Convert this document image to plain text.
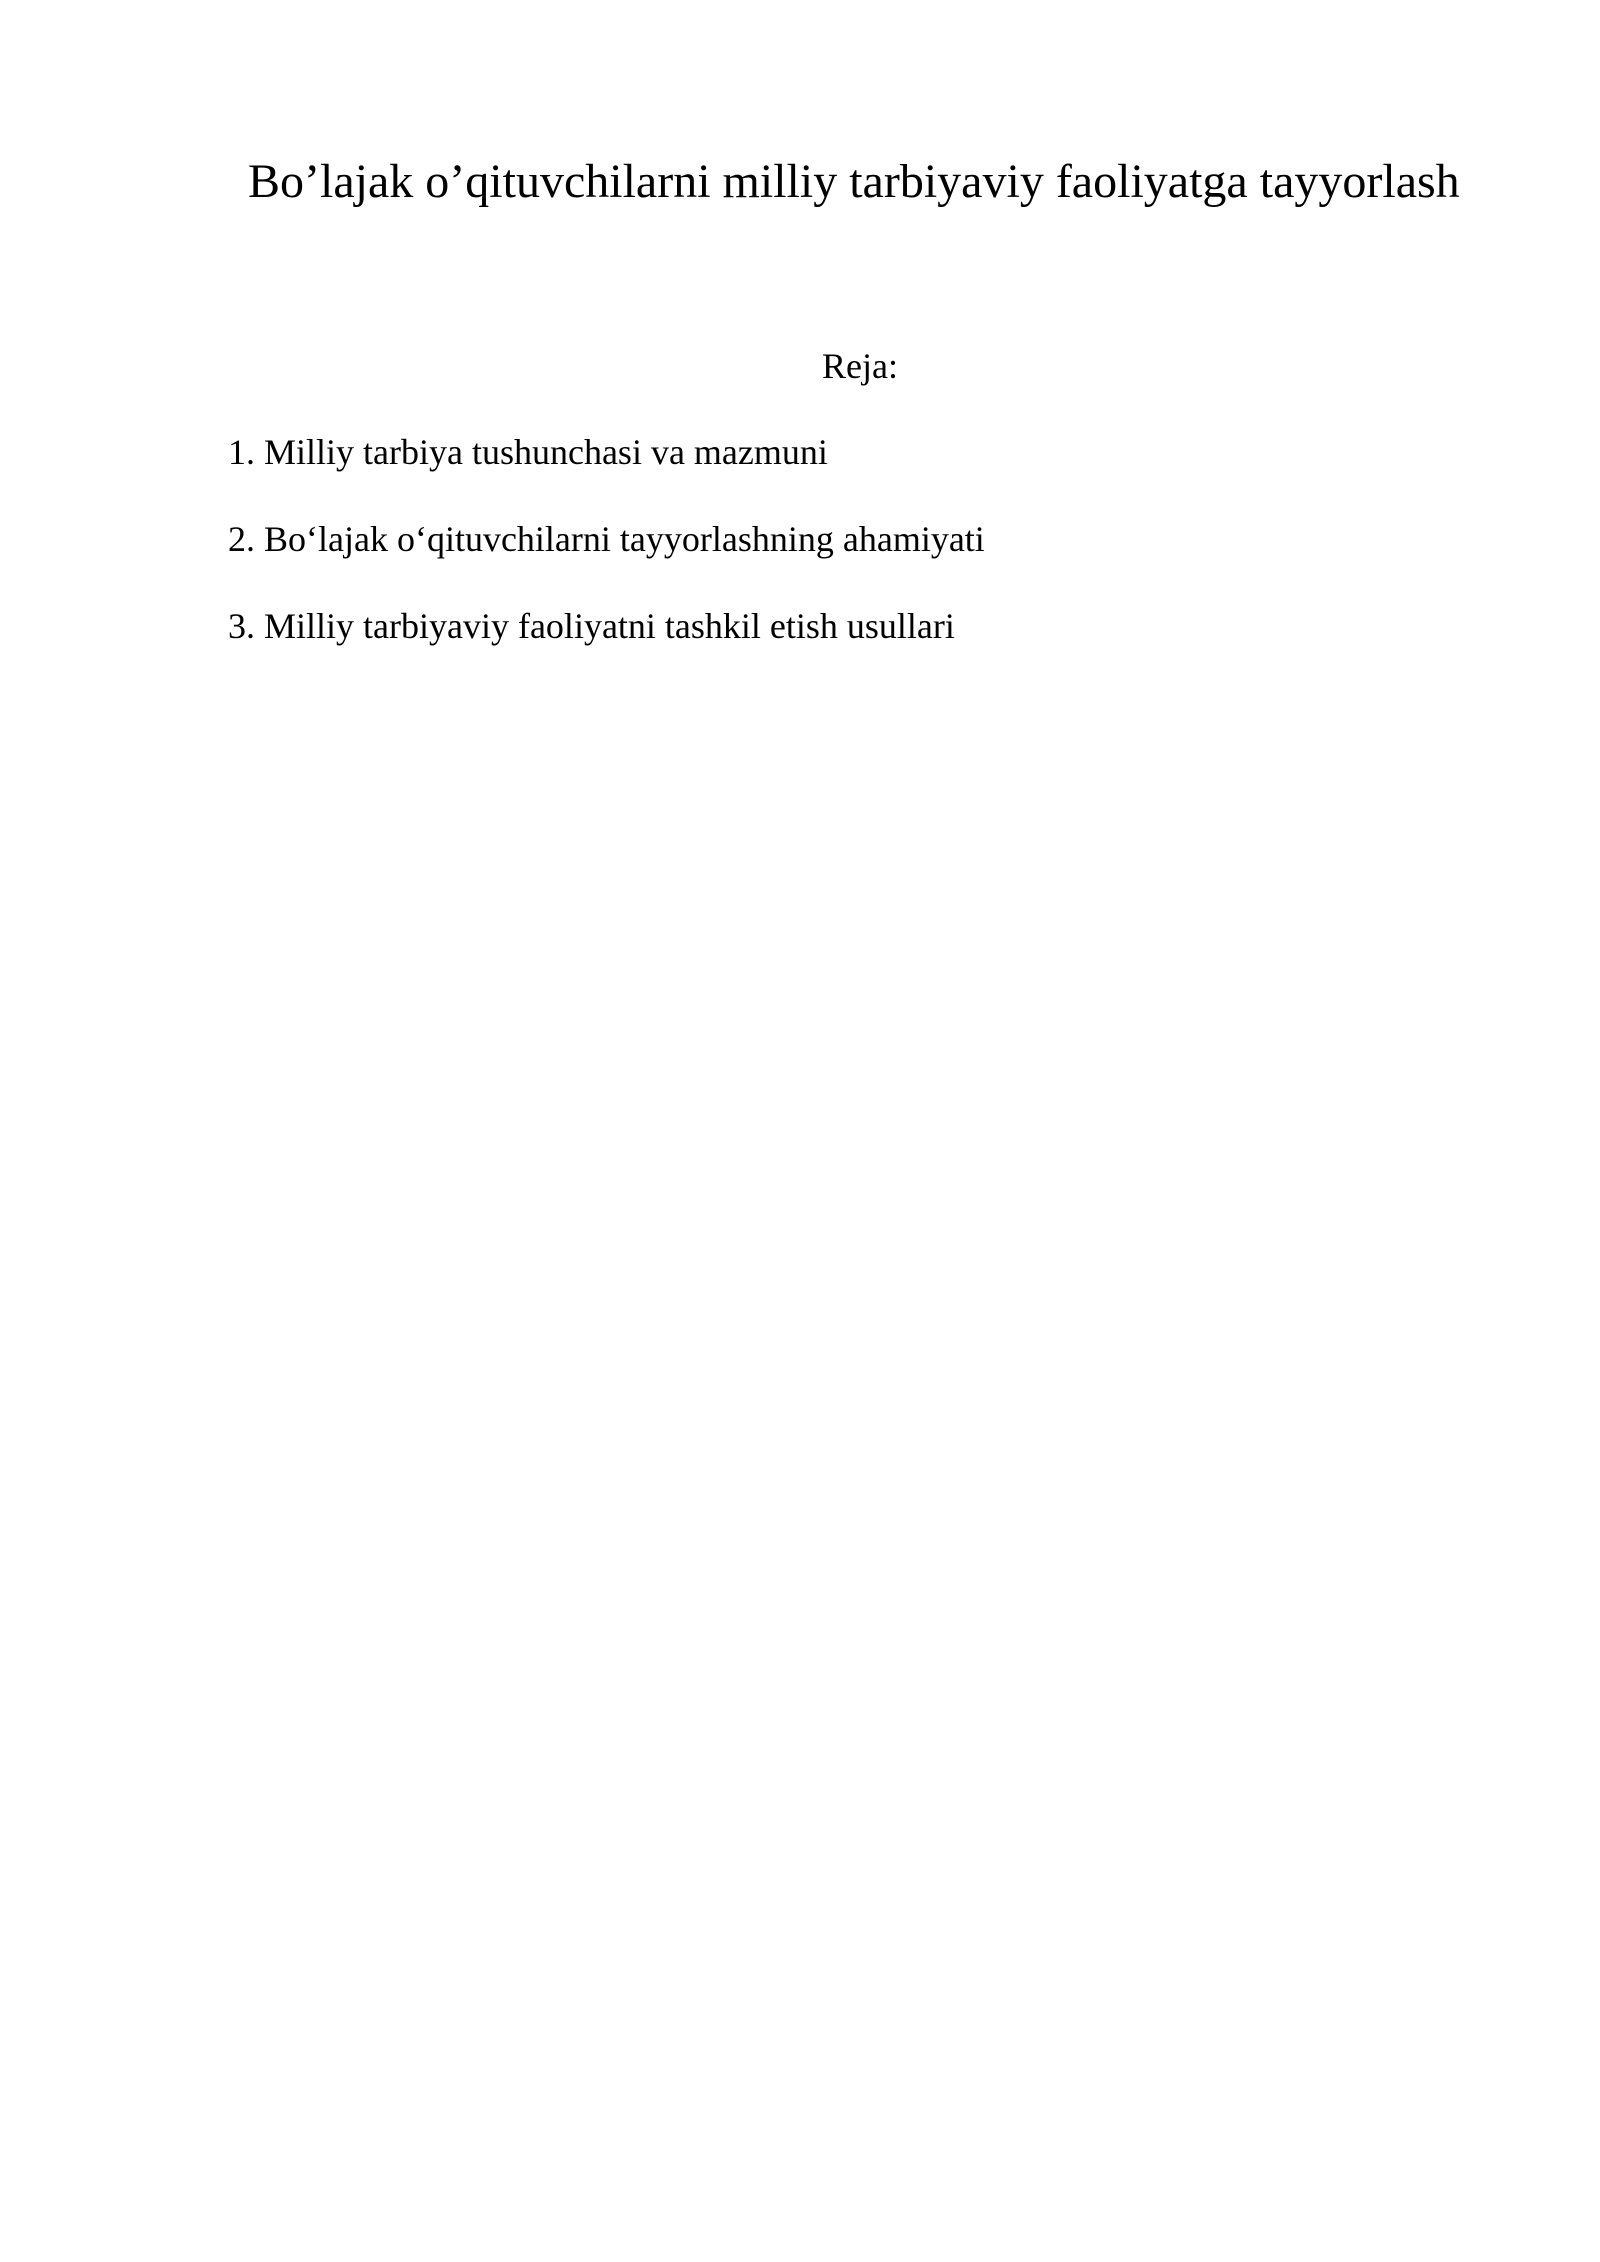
Bo’lajak o’qituvchilarni milliy tarbiyaviy faoliyatga tayyorlash

Reja:

1. Milliy tarbiya tushunchasi va mazmuni
2. Bo‘lajak o‘qituvchilarni tayyorlashning ahamiyati
3. Milliy tarbiyaviy faoliyatni tashkil etish usullari
